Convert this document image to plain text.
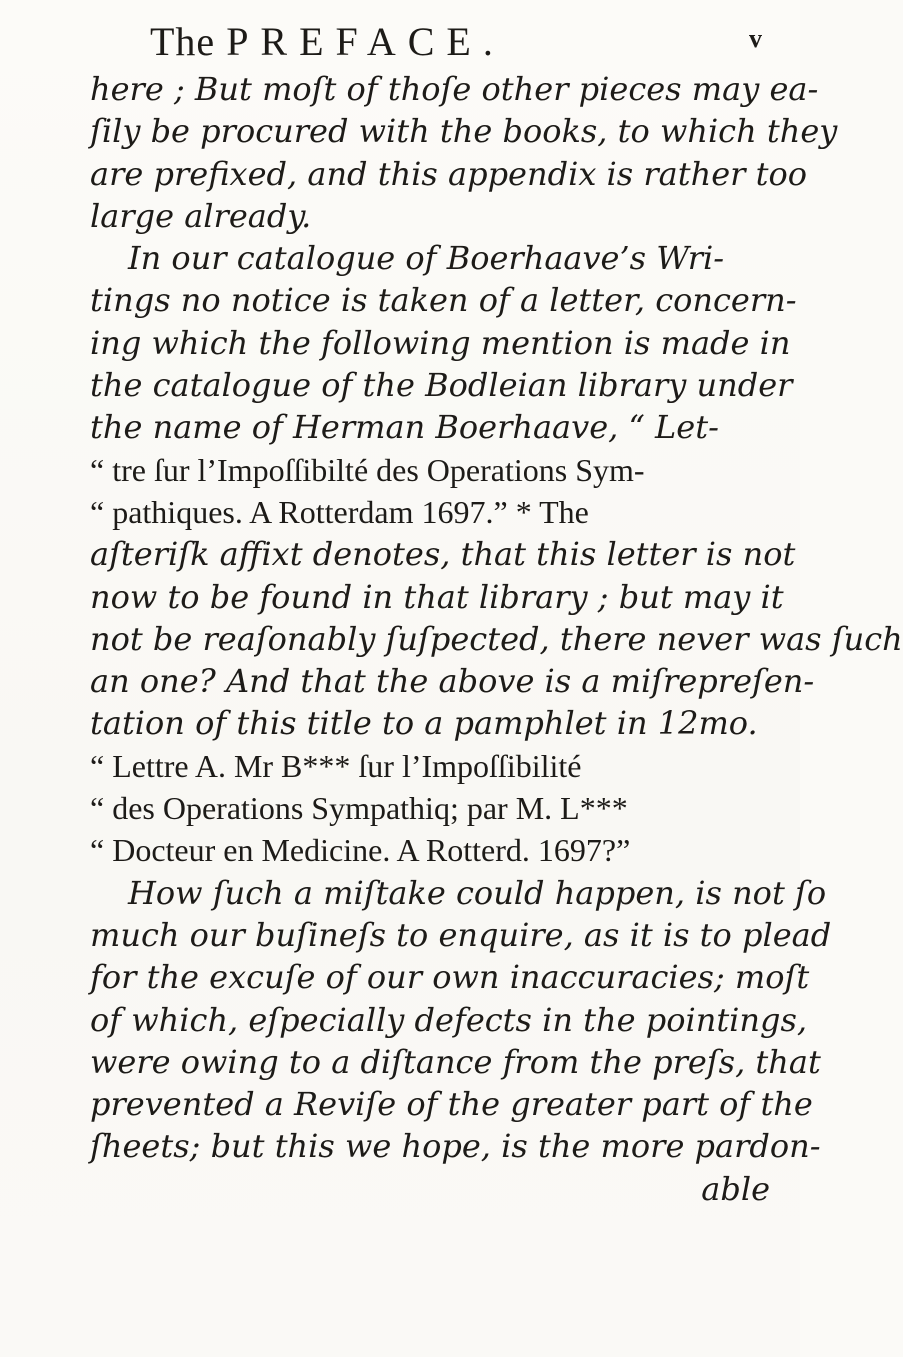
The PREFACE.	v
here ; But moſt of thoſe other pieces may ea-
ſily be procured with the books, to which they
are prefixed, and this appendix is rather too
large already.
In our catalogue of Boerhaave’s Wri-
tings no notice is taken of a letter, concern-
ing which the following mention is made in
the catalogue of the Bodleian library under
the name of Herman Boerhaave, “ Let-
“ tre ſur l’Impoſſibilté des Operations Sym-
“ pathiques. A Rotterdam 1697.” * The
aſteriſk affixt denotes, that this letter is not
now to be found in that library ; but may it
not be reaſonably ſuſpected, there never was ſuch
an one? And that the above is a miſrepreſen-
tation of this title to a pamphlet in 12mo.
“ Lettre A. Mr B*** ſur l’Impoſſibilité
“ des Operations Sympathiq; par M. L***
“ Docteur en Medicine. A Rotterd. 1697?”
How ſuch a miſtake could happen, is not ſo
much our buſineſs to enquire, as it is to plead
for the excuſe of our own inaccuracies; moſt
of which, eſpecially defects in the pointings,
were owing to a diſtance from the preſs, that
prevented a Reviſe of the greater part of the
ſheets; but this we hope, is the more pardon-
able
